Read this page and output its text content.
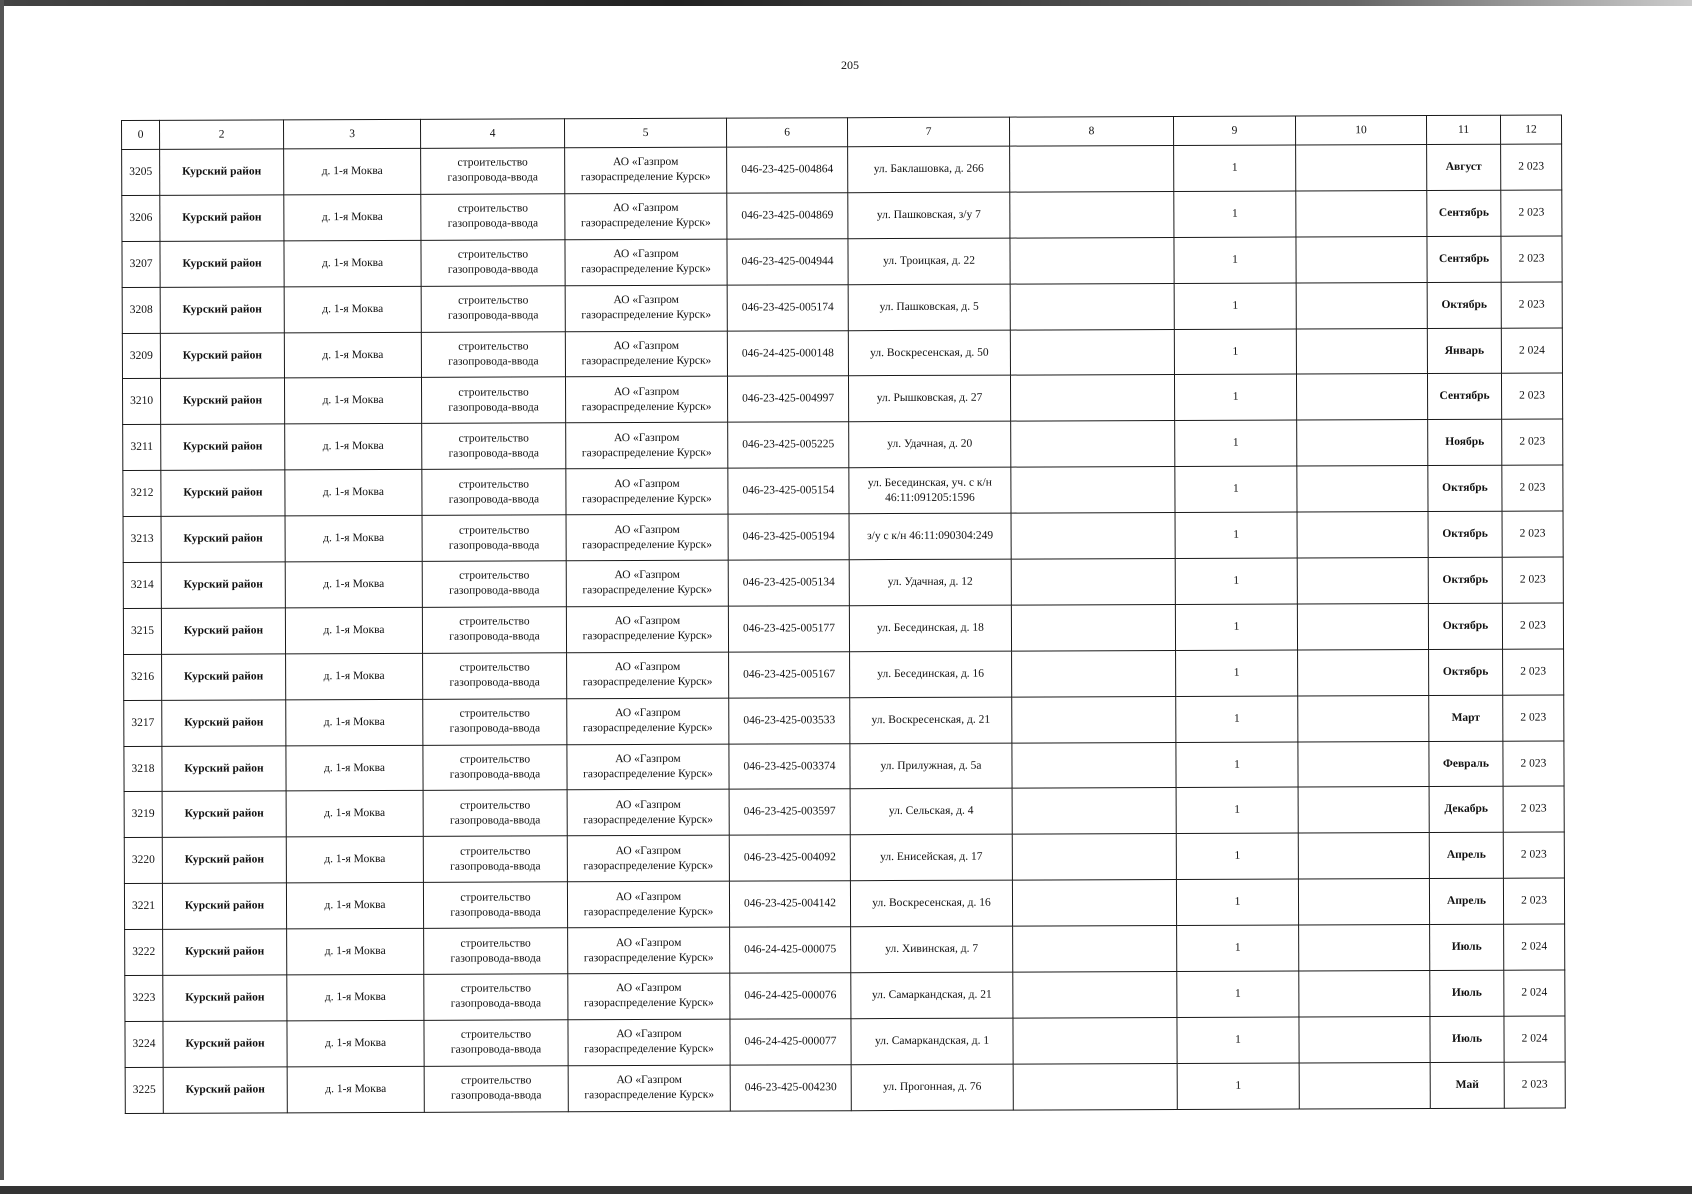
205
0	2	3	4	5	6	7	8	9	10	11	12
3205	Курский район	д. 1-я Моква	строительство
газопровода-ввода	АО «Газпром
газораспределение Курск»	046-23-425-004864	ул. Баклашовка, д. 266		1		Август	2 023
3206	Курский район	д. 1-я Моква	строительство
газопровода-ввода	АО «Газпром
газораспределение Курск»	046-23-425-004869	ул. Пашковская, з/у 7		1		Сентябрь	2 023
3207	Курский район	д. 1-я Моква	строительство
газопровода-ввода	АО «Газпром
газораспределение Курск»	046-23-425-004944	ул. Троицкая, д. 22		1		Сентябрь	2 023
3208	Курский район	д. 1-я Моква	строительство
газопровода-ввода	АО «Газпром
газораспределение Курск»	046-23-425-005174	ул. Пашковская, д. 5		1		Октябрь	2 023
3209	Курский район	д. 1-я Моква	строительство
газопровода-ввода	АО «Газпром
газораспределение Курск»	046-24-425-000148	ул. Воскресенская, д. 50		1		Январь	2 024
3210	Курский район	д. 1-я Моква	строительство
газопровода-ввода	АО «Газпром
газораспределение Курск»	046-23-425-004997	ул. Рышковская, д. 27		1		Сентябрь	2 023
3211	Курский район	д. 1-я Моква	строительство
газопровода-ввода	АО «Газпром
газораспределение Курск»	046-23-425-005225	ул. Удачная, д. 20		1		Ноябрь	2 023
3212	Курский район	д. 1-я Моква	строительство
газопровода-ввода	АО «Газпром
газораспределение Курск»	046-23-425-005154	ул. Бесединская, уч. с к/н 46:11:091205:1596		1		Октябрь	2 023
3213	Курский район	д. 1-я Моква	строительство
газопровода-ввода	АО «Газпром
газораспределение Курск»	046-23-425-005194	з/у с к/н 46:11:090304:249		1		Октябрь	2 023
3214	Курский район	д. 1-я Моква	строительство
газопровода-ввода	АО «Газпром
газораспределение Курск»	046-23-425-005134	ул. Удачная, д. 12		1		Октябрь	2 023
3215	Курский район	д. 1-я Моква	строительство
газопровода-ввода	АО «Газпром
газораспределение Курск»	046-23-425-005177	ул. Бесединская, д. 18		1		Октябрь	2 023
3216	Курский район	д. 1-я Моква	строительство
газопровода-ввода	АО «Газпром
газораспределение Курск»	046-23-425-005167	ул. Бесединская, д. 16		1		Октябрь	2 023
3217	Курский район	д. 1-я Моква	строительство
газопровода-ввода	АО «Газпром
газораспределение Курск»	046-23-425-003533	ул. Воскресенская, д. 21		1		Март	2 023
3218	Курский район	д. 1-я Моква	строительство
газопровода-ввода	АО «Газпром
газораспределение Курск»	046-23-425-003374	ул. Прилужная, д. 5а		1		Февраль	2 023
3219	Курский район	д. 1-я Моква	строительство
газопровода-ввода	АО «Газпром
газораспределение Курск»	046-23-425-003597	ул. Сельская, д. 4		1		Декабрь	2 023
3220	Курский район	д. 1-я Моква	строительство
газопровода-ввода	АО «Газпром
газораспределение Курск»	046-23-425-004092	ул. Енисейская, д. 17		1		Апрель	2 023
3221	Курский район	д. 1-я Моква	строительство
газопровода-ввода	АО «Газпром
газораспределение Курск»	046-23-425-004142	ул. Воскресенская, д. 16		1		Апрель	2 023
3222	Курский район	д. 1-я Моква	строительство
газопровода-ввода	АО «Газпром
газораспределение Курск»	046-24-425-000075	ул. Хивинская, д. 7		1		Июль	2 024
3223	Курский район	д. 1-я Моква	строительство
газопровода-ввода	АО «Газпром
газораспределение Курск»	046-24-425-000076	ул. Самаркандская, д. 21		1		Июль	2 024
3224	Курский район	д. 1-я Моква	строительство
газопровода-ввода	АО «Газпром
газораспределение Курск»	046-24-425-000077	ул. Самаркандская, д. 1		1		Июль	2 024
3225	Курский район	д. 1-я Моква	строительство
газопровода-ввода	АО «Газпром
газораспределение Курск»	046-23-425-004230	ул. Прогонная, д. 76		1		Май	2 023
